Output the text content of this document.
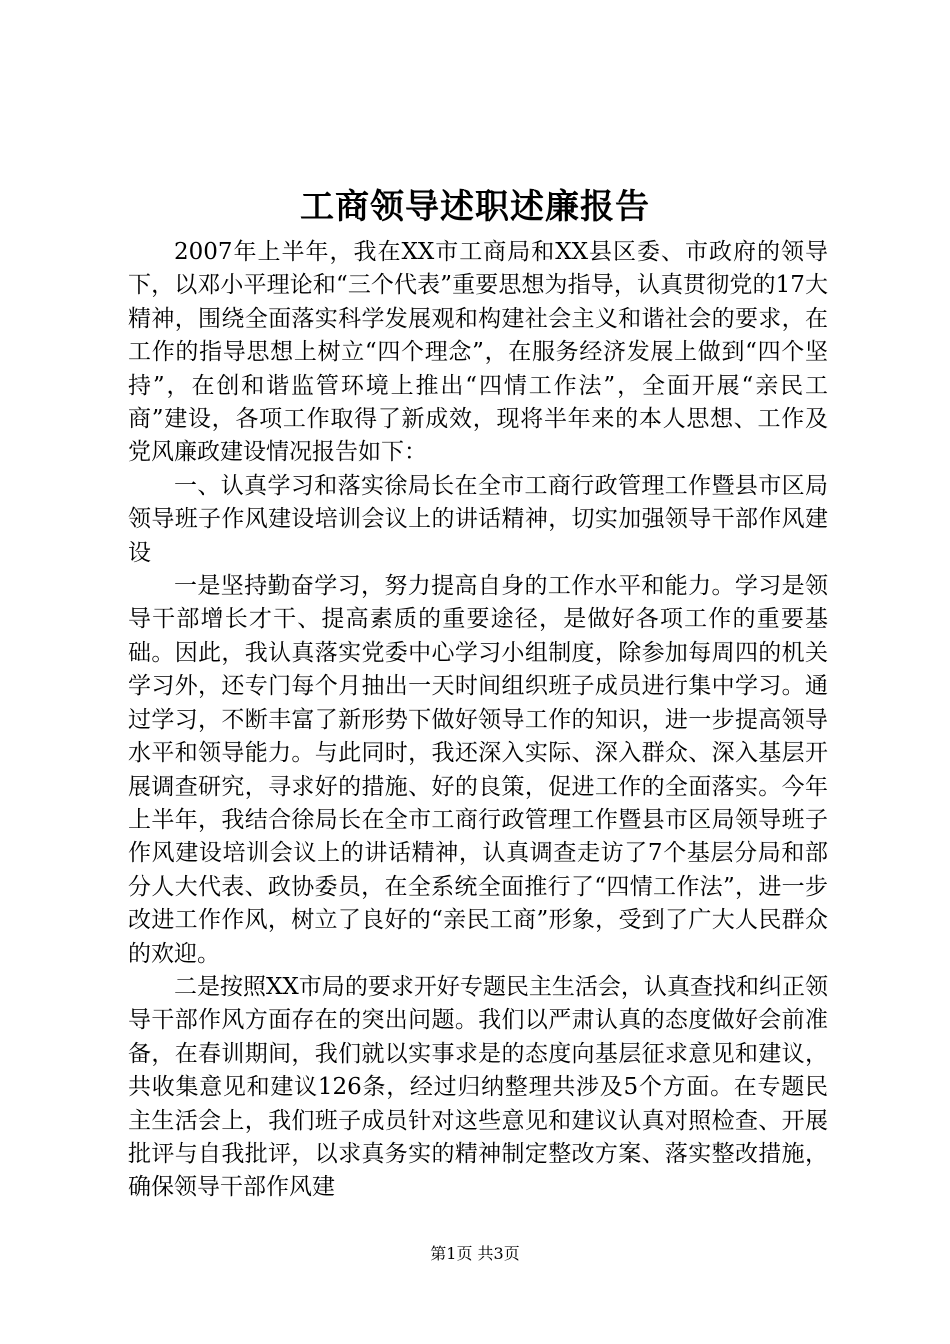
工商领导述职述廉报告

2007年上半年，我在XX市工商局和XX县区委、市政府的领导下，以邓小平理论和“三个代表”重要思想为指导，认真贯彻党的17大精神，围绕全面落实科学发展观和构建社会主义和谐社会的要求，在工作的指导思想上树立“四个理念”，在服务经济发展上做到“四个坚持”，在创和谐监管环境上推出“四情工作法”，全面开展“亲民工商”建设，各项工作取得了新成效，现将半年来的本人思想、工作及党风廉政建设情况报告如下：

一、认真学习和落实徐局长在全市工商行政管理工作暨县市区局领导班子作风建设培训会议上的讲话精神，切实加强领导干部作风建设

一是坚持勤奋学习，努力提高自身的工作水平和能力。学习是领导干部增长才干、提高素质的重要途径，是做好各项工作的重要基础。因此，我认真落实党委中心学习小组制度，除参加每周四的机关学习外，还专门每个月抽出一天时间组织班子成员进行集中学习。通过学习，不断丰富了新形势下做好领导工作的知识，进一步提高领导水平和领导能力。与此同时，我还深入实际、深入群众、深入基层开展调查研究，寻求好的措施、好的良策，促进工作的全面落实。今年上半年，我结合徐局长在全市工商行政管理工作暨县市区局领导班子作风建设培训会议上的讲话精神，认真调查走访了7个基层分局和部分人大代表、政协委员，在全系统全面推行了“四情工作法”，进一步改进工作作风，树立了良好的“亲民工商”形象，受到了广大人民群众的欢迎。

二是按照XX市局的要求开好专题民主生活会，认真查找和纠正领导干部作风方面存在的突出问题。我们以严肃认真的态度做好会前准备，在春训期间，我们就以实事求是的态度向基层征求意见和建议，共收集意见和建议126条，经过归纳整理共涉及5个方面。在专题民主生活会上，我们班子成员针对这些意见和建议认真对照检查、开展批评与自我批评，以求真务实的精神制定整改方案、落实整改措施，确保领导干部作风建

第1页 共3页
